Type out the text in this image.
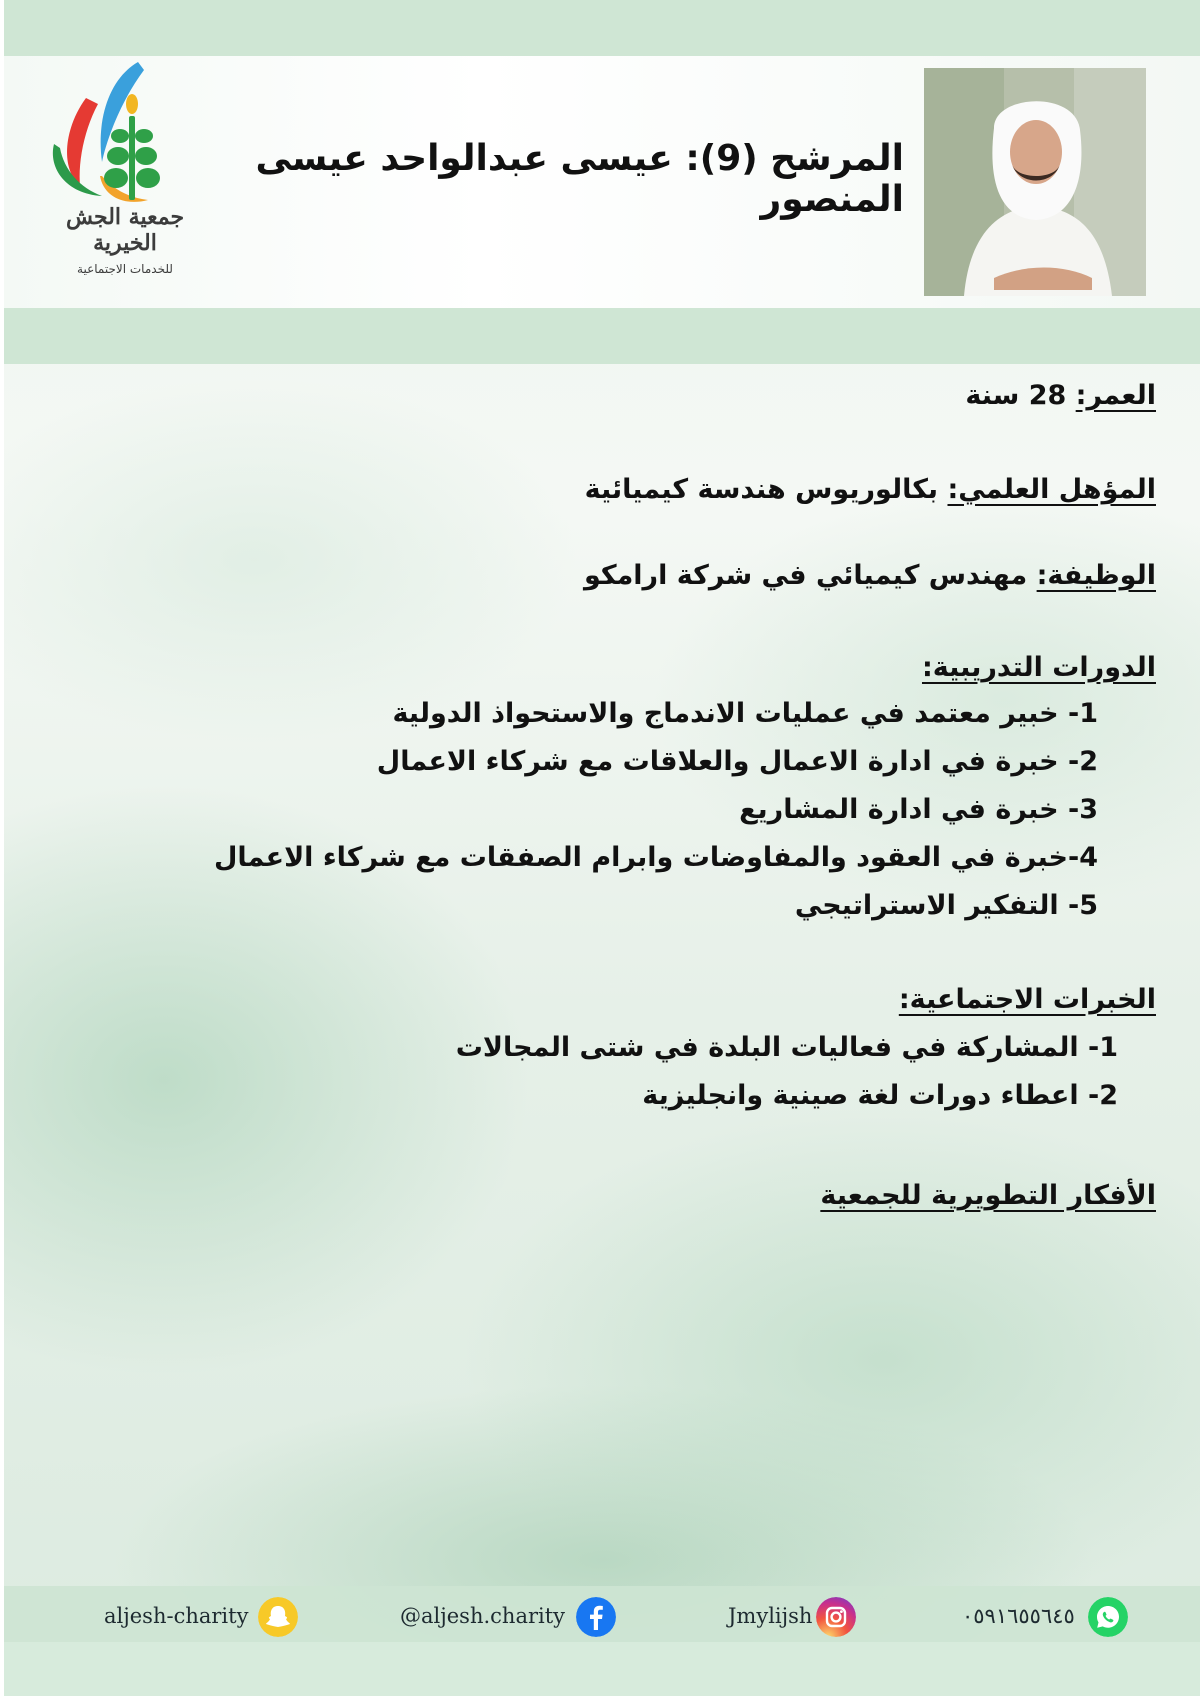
جمعية الجش الخيرية
للخدمات الاجتماعية
المرشح (9): عيسى عبدالواحد عيسى المنصور
العمر: 28 سنة
المؤهل العلمي: بكالوريوس هندسة كيميائية
الوظيفة: مهندس كيميائي في شركة ارامكو
الدورات التدريبية:
1- خبير معتمد في عمليات الاندماج والاستحواذ الدولية
2- خبرة في ادارة الاعمال والعلاقات مع شركاء الاعمال
3- خبرة في ادارة المشاريع
4-خبرة في العقود والمفاوضات وابرام الصفقات مع شركاء الاعمال
5- التفكير الاستراتيجي
الخبرات الاجتماعية:
1- المشاركة في فعاليات البلدة في شتى المجالات
2- اعطاء دورات لغة صينية وانجليزية
الأفكار التطويرية للجمعية
aljesh-charity	@aljesh.charity	Jmylijsh	٠٥٩١٦٥٥٦٤٥
